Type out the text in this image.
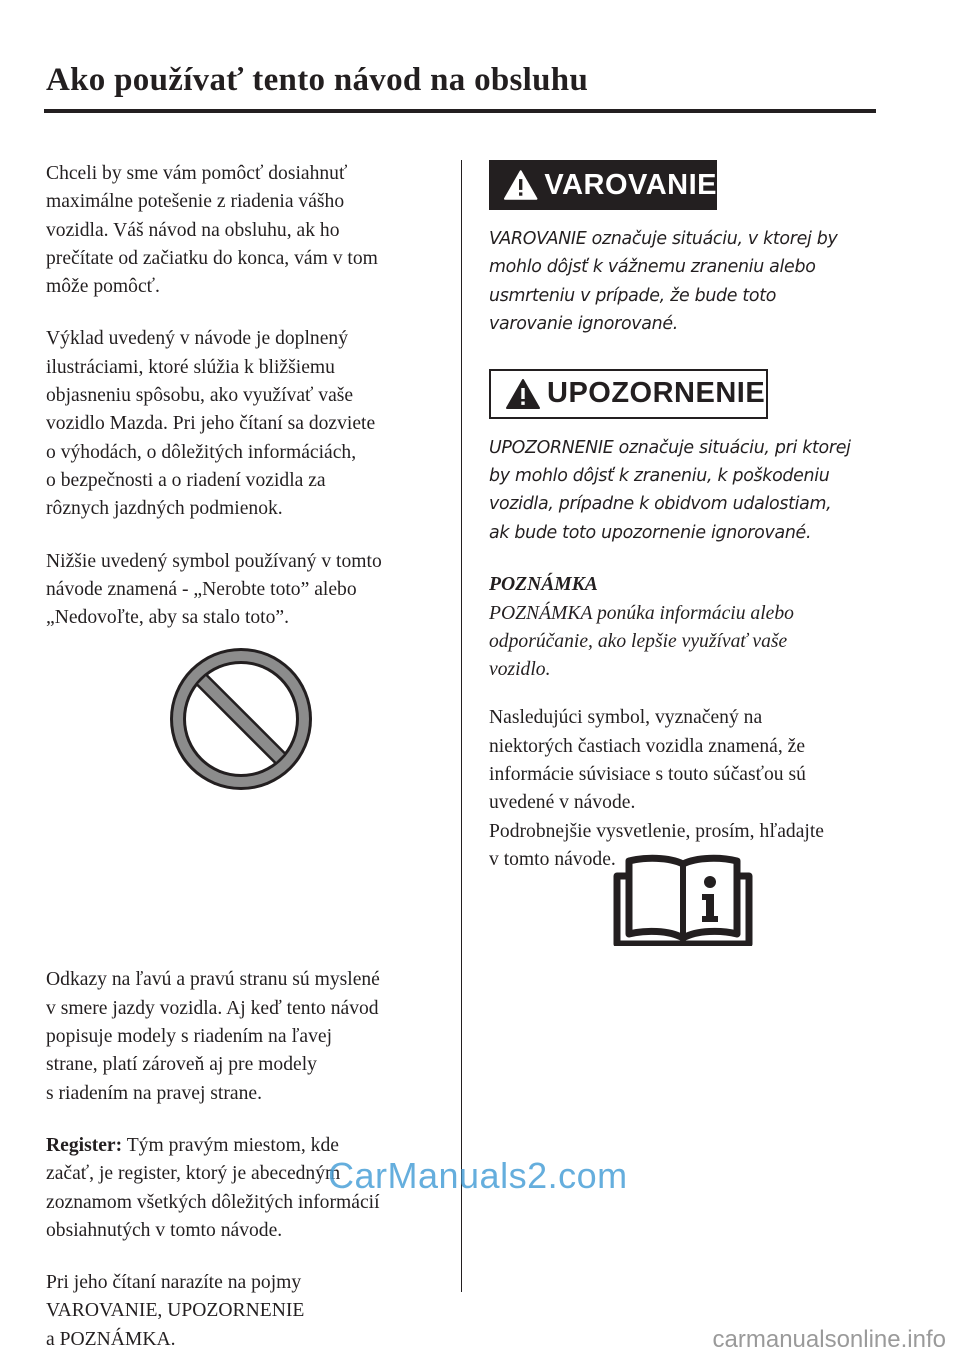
Ako používať tento návod na obsluhu

Chceli by sme vám pomôcť dosiahnuť
maximálne potešenie z riadenia vášho
vozidla. Váš návod na obsluhu, ak ho
prečítate od začiatku do konca, vám v tom
môže pomôcť.

Výklad uvedený v návode je doplnený
ilustráciami, ktoré slúžia k bližšiemu
objasneniu spôsobu, ako využívať vaše
vozidlo Mazda. Pri jeho čítaní sa dozviete
o výhodách, o dôležitých informáciách,
o bezpečnosti a o riadení vozidla za
rôznych jazdných podmienok.

Nižšie uvedený symbol používaný v tomto
návode znamená - „Nerobte toto” alebo
„Nedovoľte, aby sa stalo toto”.

Odkazy na ľavú a pravú stranu sú myslené
v smere jazdy vozidla. Aj keď tento návod
popisuje modely s riadením na ľavej
strane, platí zároveň aj pre modely
s riadením na pravej strane.

Register: Tým pravým miestom, kde
začať, je register, ktorý je abecedným
zoznamom všetkých dôležitých informácií
obsiahnutých v tomto návode.

Pri jeho čítaní narazíte na pojmy
VAROVANIE, UPOZORNENIE
a POZNÁMKA.

VAROVANIE

VAROVANIE označuje situáciu, v ktorej by
mohlo dôjsť k vážnemu zraneniu alebo
usmrteniu v prípade, že bude toto
varovanie ignorované.

UPOZORNENIE

UPOZORNENIE označuje situáciu, pri ktorej
by mohlo dôjsť k zraneniu, k poškodeniu
vozidla, prípadne k obidvom udalostiam,
ak bude toto upozornenie ignorované.

POZNÁMKA

POZNÁMKA ponúka informáciu alebo
odporúčanie, ako lepšie využívať vaše
vozidlo.

Nasledujúci symbol, vyznačený na
niektorých častiach vozidla znamená, že
informácie súvisiace s touto súčasťou sú
uvedené v návode.
Podrobnejšie vysvetlenie, prosím, hľadajte
v tomto návode.

CarManuals2.com
carmanualsonline.info
